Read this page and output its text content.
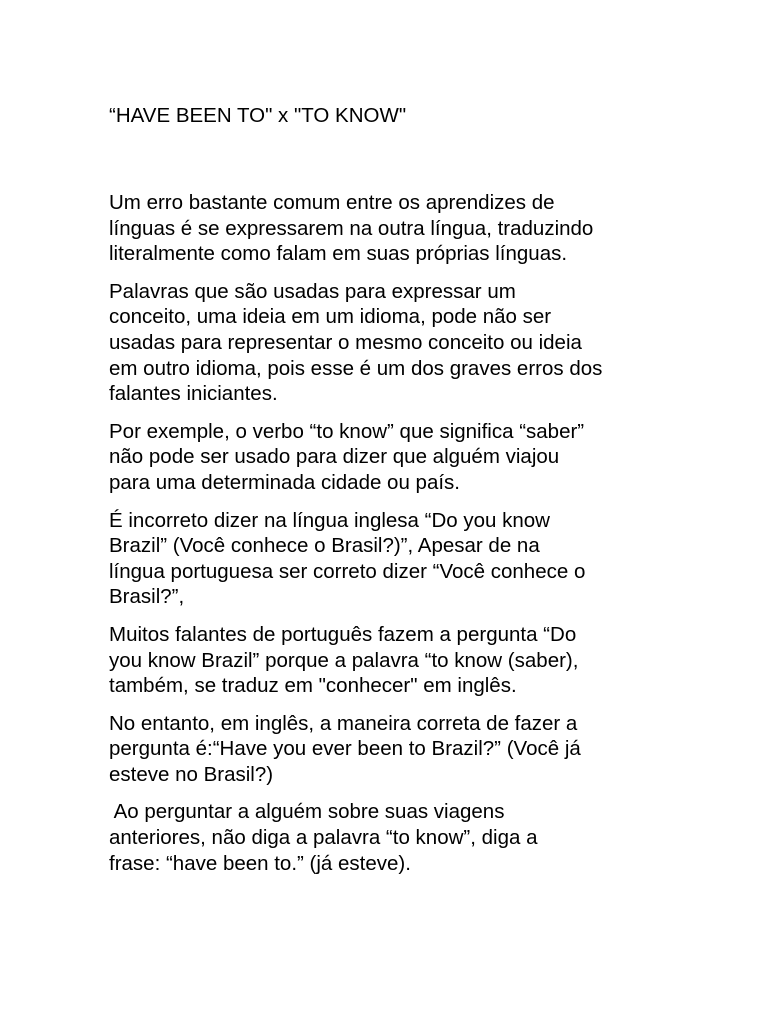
“HAVE BEEN TO" x "TO KNOW"

Um erro bastante comum entre os aprendizes de
línguas é se expressarem na outra língua, traduzindo
literalmente como falam em suas próprias línguas.

Palavras que são usadas para expressar um
conceito, uma ideia em um idioma, pode não ser
usadas para representar o mesmo conceito ou ideia
em outro idioma, pois esse é um dos graves erros dos
falantes iniciantes.

Por exemple, o verbo “to know” que significa “saber”
não pode ser usado para dizer que alguém viajou
para uma determinada cidade ou país.

É incorreto dizer na língua inglesa “Do you know
Brazil” (Você conhece o Brasil?)”, Apesar de na
língua portuguesa ser correto dizer “Você conhece o
Brasil?”,

Muitos falantes de português fazem a pergunta “Do
you know Brazil” porque a palavra “to know (saber),
também, se traduz em "conhecer" em inglês.

No entanto, em inglês, a maneira correta de fazer a
pergunta é:“Have you ever been to Brazil?” (Você já
esteve no Brasil?)

Ao perguntar a alguém sobre suas viagens
anteriores, não diga a palavra “to know”, diga a
frase: “have been to.” (já esteve).
